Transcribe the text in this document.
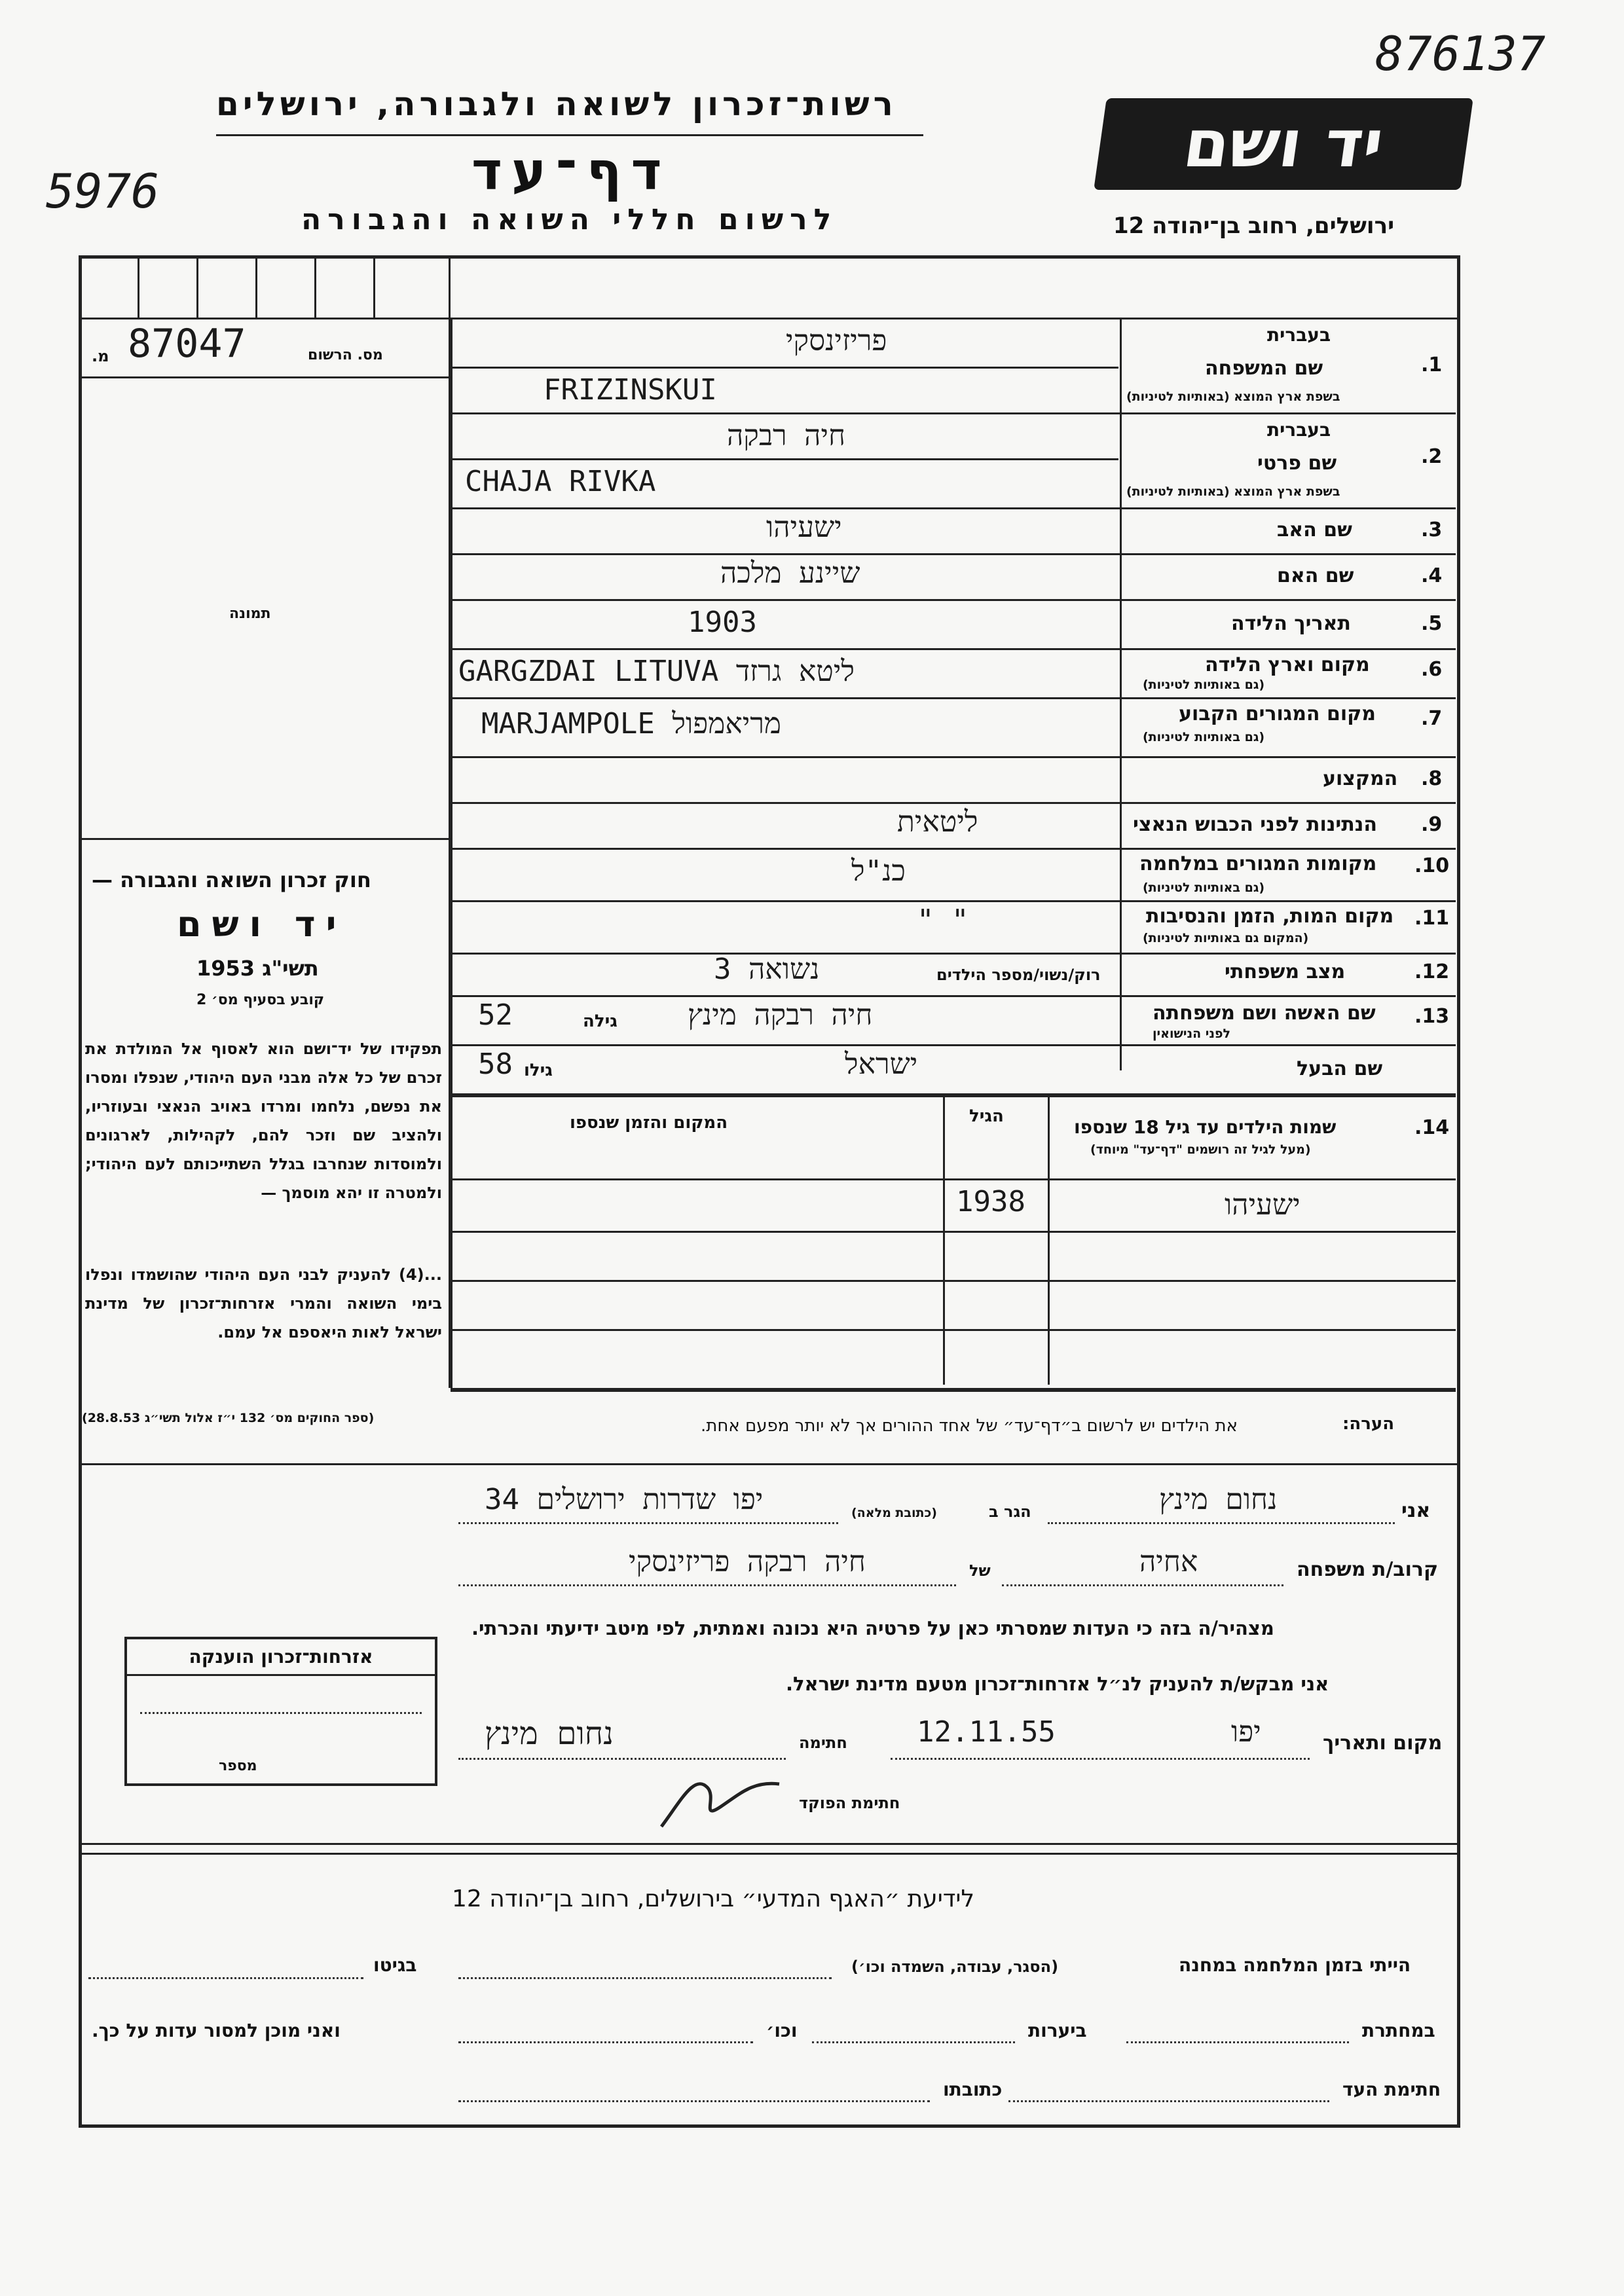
876137
5976
רשות־זכרון לשואה ולגבורה, ירושלים
דף־עד
לרשום חללי השואה והגבורה
יד ושם
ירושלים, רחוב בן־יהודה 12
מס. הרשום
מ. 87047
תמונה
חוק זכרון השואה והגבורה —
יד ושם
תשי"ג 1953
קובע בסעיף מס׳ 2
תפקידו של יד־ושם הוא לאסוף אל המולדת את זכרם של כל אלה מבני העם היהודי, שנפלו ומסרו את נפשם, נלחמו ומרדו באויב הנאצי ובעוזריו, ולהציב שם וזכר להם, לקהילות, לארגונים ולמוסדות שנחרבו בגלל השתייכותם לעם היהודי; ולמטרה זו יהא מוסמך —
...(4) להעניק לבני העם היהודי שהושמדו ונפלו בימי השואה והמרי אזרחות־זכרון של מדינת ישראל לאות היאספם אל עמם.
(ספר החוקים מס׳ 132 י״ז אלול תשי״ג 28.8.53)
1.
בעברית
שם המשפחה
בשפת ארץ המוצא (באותיות לטיניות)
פריזינסקי
FRIZINSKUI
2.
בעברית
שם פרטי
בשפת ארץ המוצא (באותיות לטיניות)
חיה רבקה
CHAJA RIVKA
3.
שם האב
ישעיהו
4.
שם האם
שיינע מלכה
5.
תאריך הלידה
1903
6.
מקום וארץ הלידה
(גם באותיות לטיניות)
GARGZDAI LITUVA ליטא גרזד
7.
מקום המגורים הקבוע
(גם באותיות לטיניות)
MARJAMPOLE מריאמפול
8.
המקצוע
9.
הנתינות לפני הכבוש הנאצי
ליטאית
10.
מקומות המגורים במלחמה
(גם באותיות לטיניות)
כנ"ל
11.
מקום המות, הזמן והנסיבות
(המקום גם באותיות לטיניות)
" "
12.
מצב משפחתי
רוק/נשוי/מספר הילדים
נשואה 3
13.
שם האשה ושם משפחתה
לפני הנישואין
גילה
52	חיה רבקה מינץ
שם הבעל
גילו
58	ישראל
14.
שמות הילדים עד גיל 18 שנספו
(מעל לגיל זה רושמים "דף־עד" מיוחד)
הגיל
המקום והזמן שנספו
ישעיהו
1938
הערה:
את הילדים יש לרשום ב״דף־עד״ של אחד ההורים אך לא יותר מפעם אחת.
אני
נחום מינץ
הגר ב
(כתובת מלאה)
יפו שדרות ירושלים 34
קרוב/ת משפחה
אחיה
של
חיה רבקה פריזינסקי
מצהיר/ה בזה כי העדות שמסרתי כאן על פרטיה היא נכונה ואמתית, לפי מיטב ידיעתי והכרתי.
אני מבקש/ת להעניק לנ״ל אזרחות־זכרון מטעם מדינת ישראל.
מקום ותאריך
יפו
12.11.55
חתימה
נחום מינץ
חתימת הפוקד
אזרחות־זכרון הוענקה
מספר
לידיעת ״האגף המדעי״ בירושלים, רחוב בן־יהודה 12
הייתי בזמן המלחמה במחנה
(הסגר, עבודה, השמדה וכו׳)
בגיטו
במחתרת
ביערות
וכו׳
ואני מוכן למסור עדות על כך.
חתימת העד
כתובתו
